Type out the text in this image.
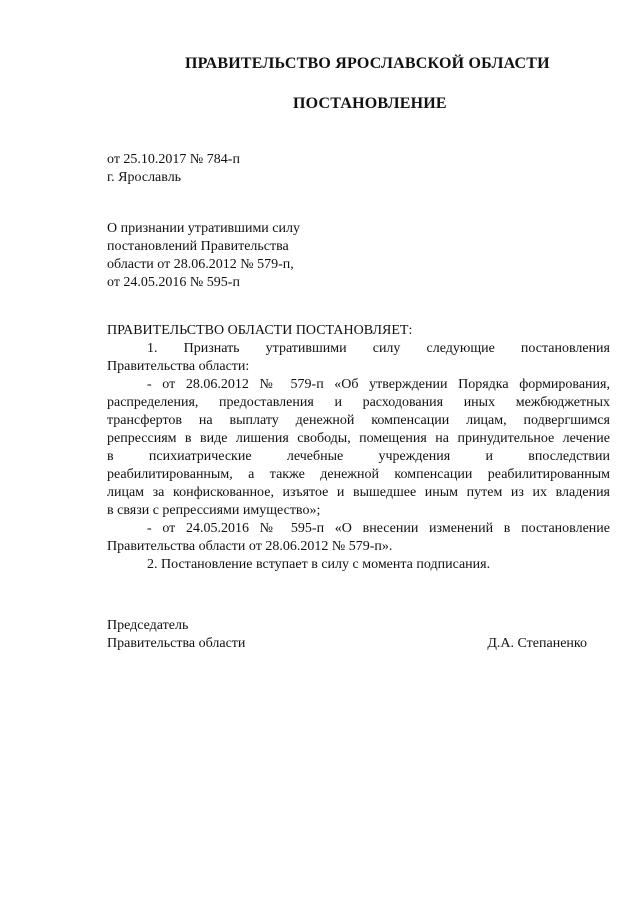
ПРАВИТЕЛЬСТВО ЯРОСЛАВСКОЙ ОБЛАСТИ
ПОСТАНОВЛЕНИЕ
от 25.10.2017 № 784-п
г. Ярославль
О признании утратившими силу
постановлений Правительства
области от 28.06.2012 № 579-п,
от 24.05.2016 № 595-п
ПРАВИТЕЛЬСТВО ОБЛАСТИ ПОСТАНОВЛЯЕТ:
1. Признать утратившими силу следующие постановления
Правительства области:
- от 28.06.2012 № 579-п «Об утверждении Порядка формирования,
распределения, предоставления и расходования иных межбюджетных
трансфертов на выплату денежной компенсации лицам, подвергшимся
репрессиям в виде лишения свободы, помещения на принудительное лечение
в психиатрические лечебные учреждения и впоследствии
реабилитированным, а также денежной компенсации реабилитированным
лицам за конфискованное, изъятое и вышедшее иным путем из их владения
в связи с репрессиями имущество»;
- от 24.05.2016 № 595-п «О внесении изменений в постановление
Правительства области от 28.06.2012 № 579-п».
2. Постановление вступает в силу с момента подписания.
Председатель
Правительства области	Д.А. Степаненко
